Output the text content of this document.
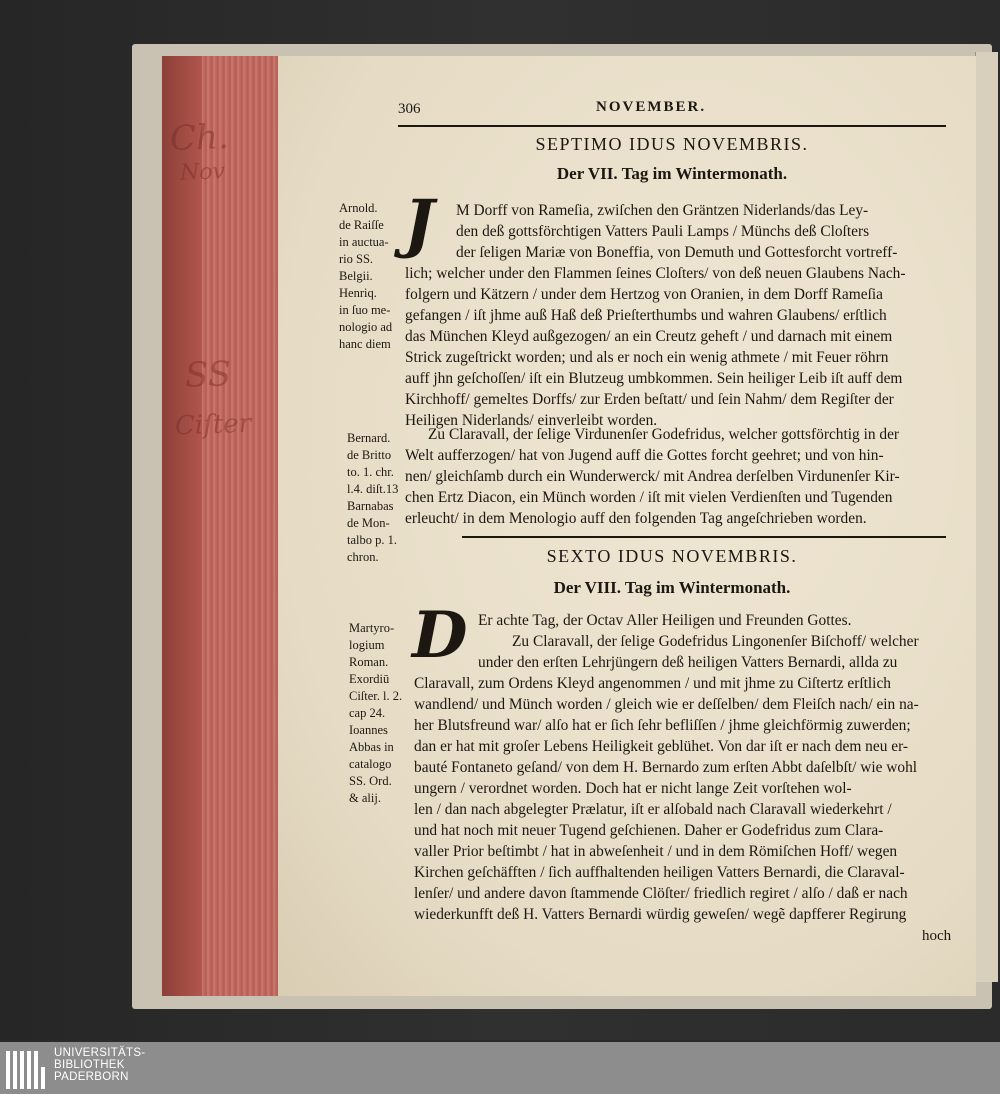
Ch.
Nov
SS
Ciſter
306	NOVEMBER.
SEPTIMO IDUS NOVEMBRIS.
Der VII. Tag im Wintermonath.
Arnold.
de Raiſſe
in auctua-
rio SS.
Belgii.
Henriq.
in ſuo me-
nologio ad
hanc diem
J M Dorff von Rameſia, zwiſchen den Gräntzen Niderlands/das Ley-
den deß gottsförchtigen Vatters Pauli Lamps / Münchs deß Cloſters
der ſeligen Mariæ von Boneffia, von Demuth und Gottesforcht vortreff-
lich; welcher under den Flammen ſeines Cloſters/ von deß neuen Glaubens Nach-
folgern und Kätzern / under dem Hertzog von Oranien, in dem Dorff Rameſia
gefangen / iſt jhme auß Haß deß Prieſterthumbs und wahren Glaubens/ erſtlich
das München Kleyd außgezogen/ an ein Creutz geheft / und darnach mit einem
Strick zugeſtrickt worden; und als er noch ein wenig athmete / mit Feuer röhrn
auff jhn geſchoſſen/ iſt ein Blutzeug umbkommen. Sein heiliger Leib iſt auff dem
Kirchhoff/ gemeltes Dorffs/ zur Erden beſtatt/ und ſein Nahm/ dem Regiſter der
Heiligen Niderlands/ einverleibt worden.
Bernard.
de Britto
to. 1. chr.
l.4. diſt.13
Barnabas
de Mon-
talbo p. 1.
chron.
Zu Claravall, der ſelige Virdunenſer Godefridus, welcher gottsförchtig in der
Welt aufferzogen/ hat von Jugend auff die Gottes forcht geehret; und von hin-
nen/ gleichſamb durch ein Wunderwerck/ mit Andrea derſelben Virdunenſer Kir-
chen Ertz Diacon, ein Münch worden / iſt mit vielen Verdienſten und Tugenden
erleucht/ in dem Menologio auff den folgenden Tag angeſchrieben worden.
SEXTO IDUS NOVEMBRIS.
Der VIII. Tag im Wintermonath.
Martyro-
logium
Roman.
Exordiū
Ciſter. l. 2.
cap 24.
Ioannes
Abbas in
catalogo
SS. Ord.
& alij.
D Er achte Tag, der Octav Aller Heiligen und Freunden Gottes.
Zu Claravall, der ſelige Godefridus Lingonenſer Biſchoff/ welcher
under den erſten Lehrjüngern deß heiligen Vatters Bernardi, allda zu
Claravall, zum Ordens Kleyd angenommen / und mit jhme zu Ciſtertz erſtlich
wandlend/ und Münch worden / gleich wie er deſſelben/ dem Fleiſch nach/ ein na-
her Blutsfreund war/ alſo hat er ſich ſehr befliſſen / jhme gleichförmig zuwerden;
dan er hat mit groſer Lebens Heiligkeit geblühet. Von dar iſt er nach dem neu er-
bauté Fontaneto geſand/ von dem H. Bernardo zum erſten Abbt daſelbſt/ wie wohl
ungern / verordnet worden. Doch hat er nicht lange Zeit vorſtehen wol-
len / dan nach abgelegter Prælatur, iſt er alſobald nach Claravall wiederkehrt /
und hat noch mit neuer Tugend geſchienen. Daher er Godefridus zum Clara-
valler Prior beſtimbt / hat in abweſenheit / und in dem Römiſchen Hoff/ wegen
Kirchen geſchäfften / ſich auffhaltenden heiligen Vatters Bernardi, die Claraval-
lenſer/ und andere davon ſtammende Clöſter/ friedlich regiret / alſo / daß er nach
wiederkunfft deß H. Vatters Bernardi würdig geweſen/ wegẽ dapfferer Regirung
hoch
UNIVERSITÄTS-
BIBLIOTHEK
PADERBORN
